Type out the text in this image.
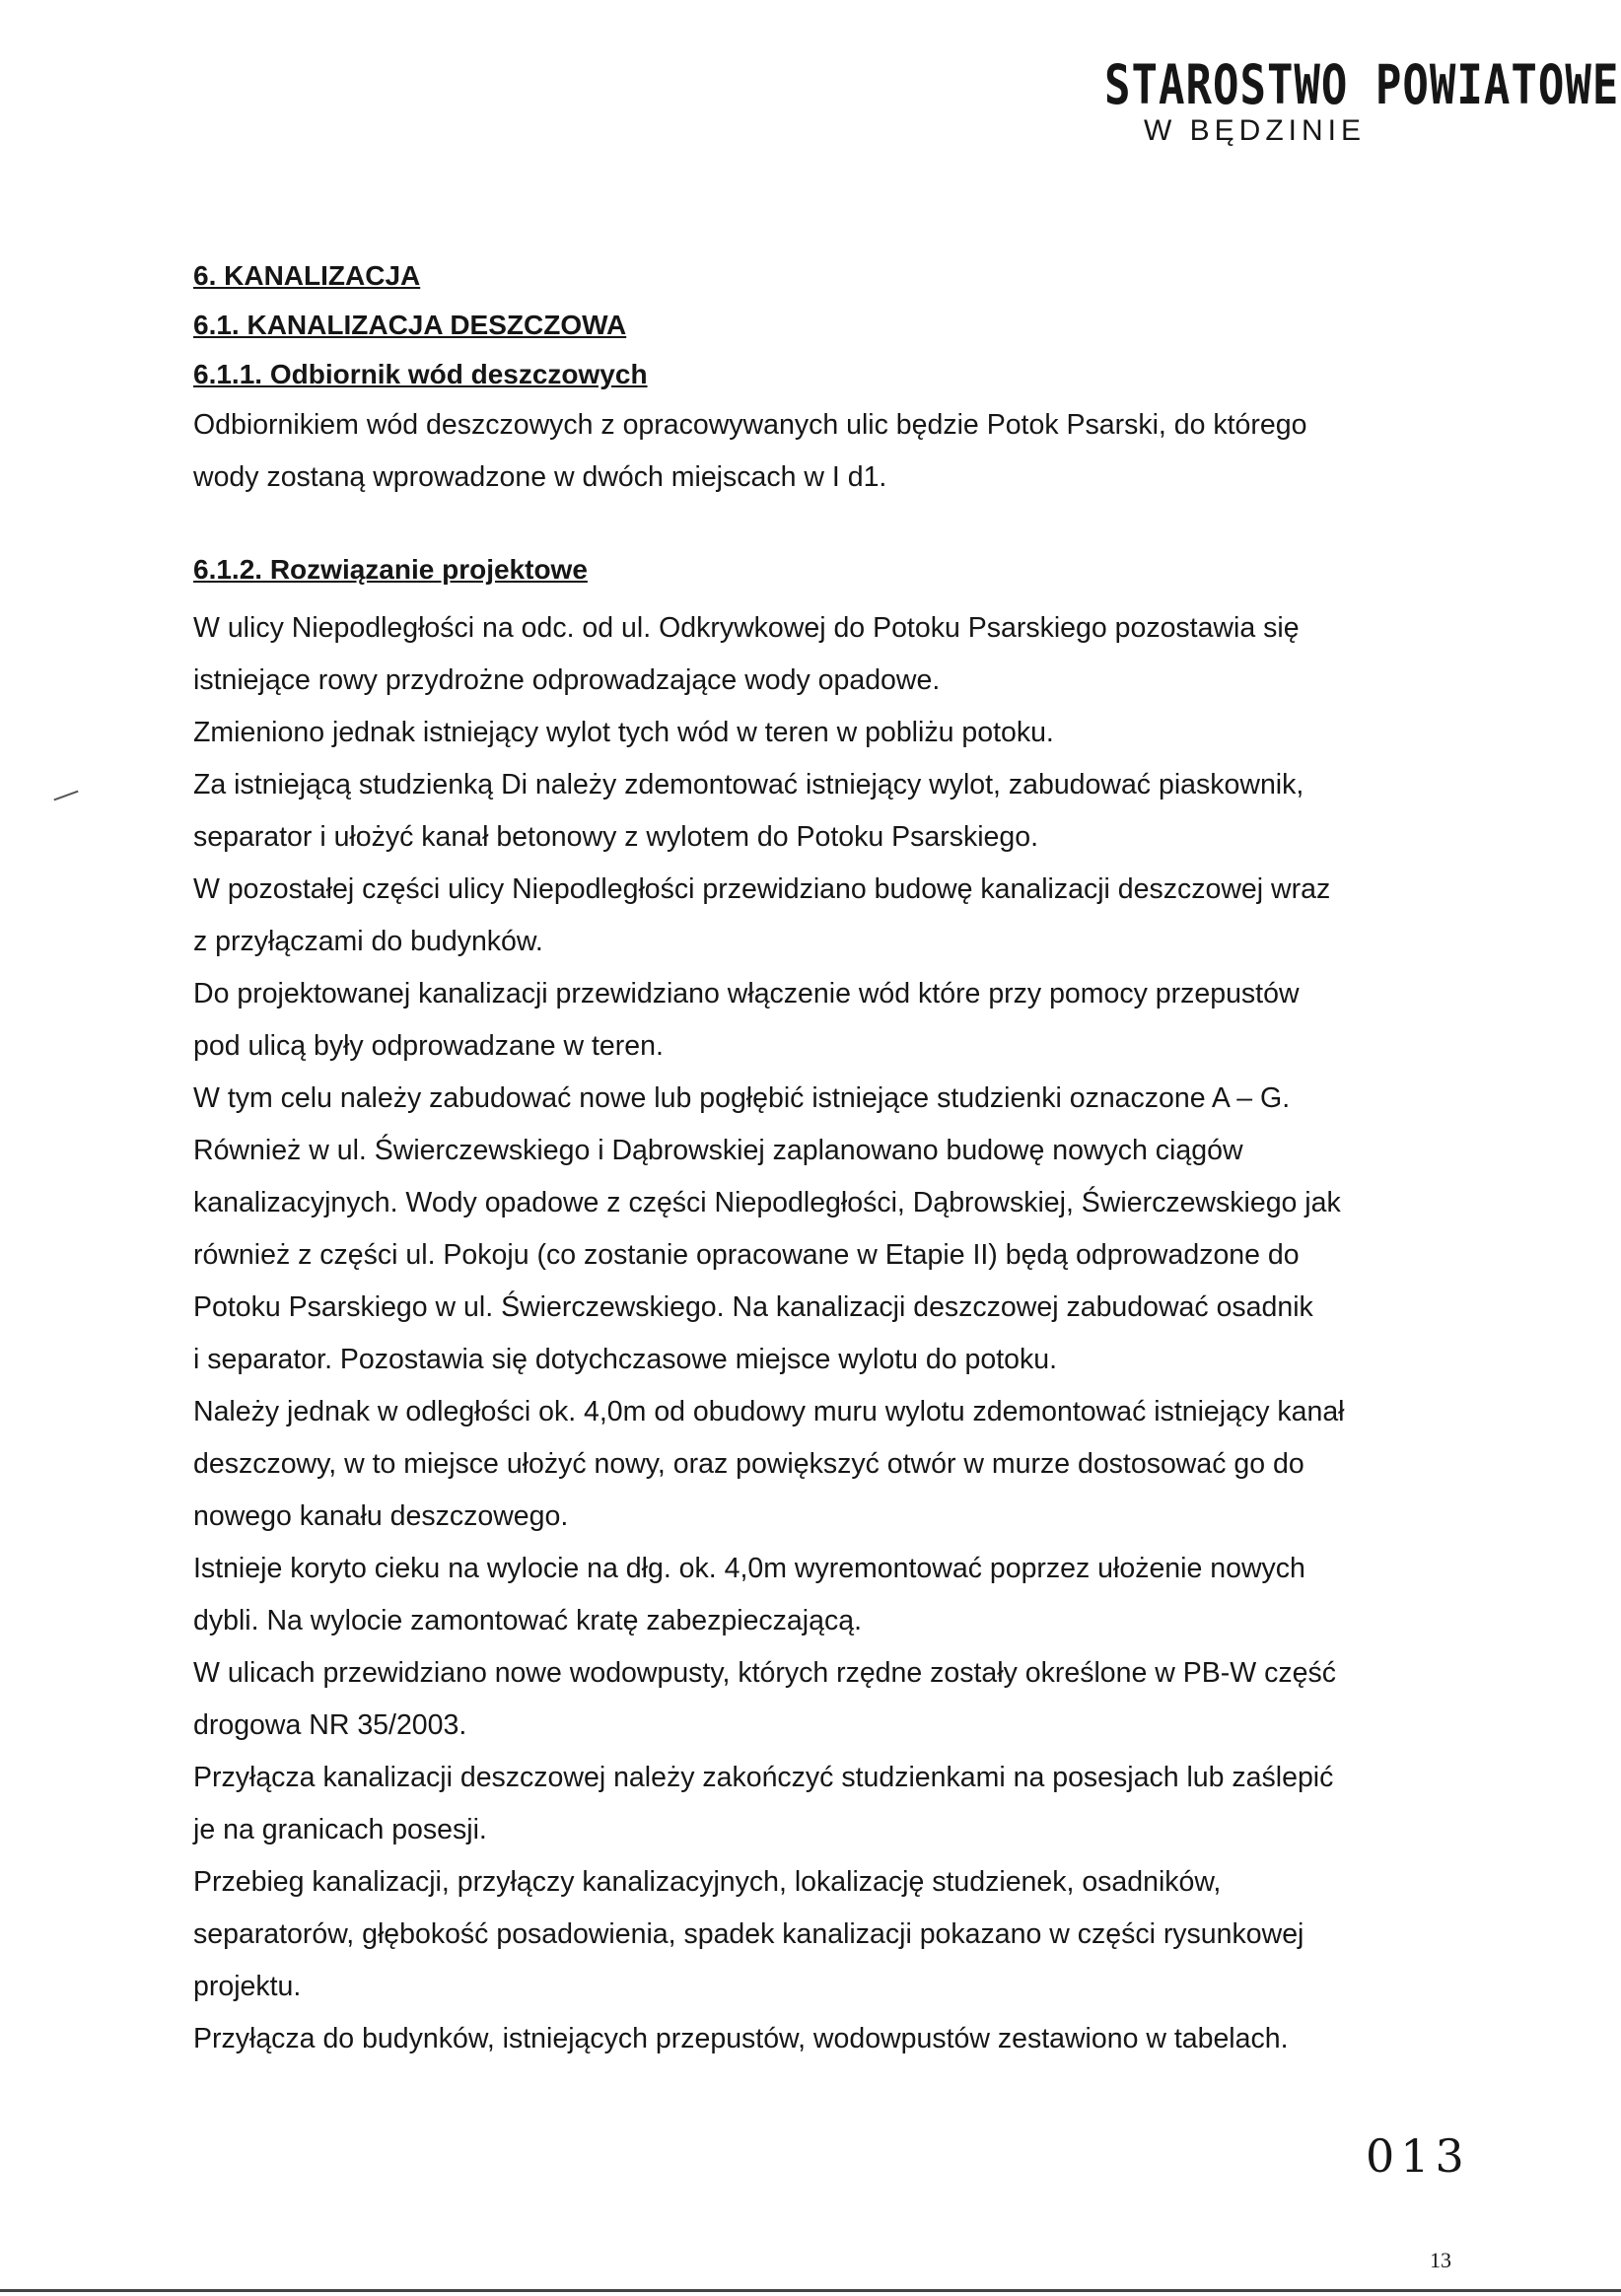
STAROSTWO POWIATOWE
W BĘDZINIE
6. KANALIZACJA
6.1. KANALIZACJA DESZCZOWA
6.1.1. Odbiornik wód deszczowych

Odbiornikiem wód deszczowych z opracowywanych ulic będzie Potok Psarski, do którego

wody zostaną wprowadzone w dwóch miejscach w I d1.

6.1.2. Rozwiązanie projektowe

W ulicy Niepodległości na odc. od ul. Odkrywkowej do Potoku Psarskiego pozostawia się

istniejące rowy przydrożne odprowadzające wody opadowe.

Zmieniono jednak istniejący wylot tych wód w teren w pobliżu potoku.

Za istniejącą studzienką Di należy zdemontować istniejący wylot, zabudować piaskownik,

separator i ułożyć kanał betonowy z wylotem do Potoku Psarskiego.

W pozostałej części ulicy Niepodległości przewidziano budowę kanalizacji deszczowej wraz

z przyłączami do budynków.

Do projektowanej kanalizacji przewidziano włączenie wód które przy pomocy przepustów

pod ulicą były odprowadzane w teren.

W tym celu należy zabudować nowe lub pogłębić istniejące studzienki oznaczone A – G.

Również w ul. Świerczewskiego i Dąbrowskiej zaplanowano budowę nowych ciągów

kanalizacyjnych. Wody opadowe z części Niepodległości, Dąbrowskiej, Świerczewskiego jak

również z części ul. Pokoju (co zostanie opracowane w Etapie II) będą odprowadzone do

Potoku Psarskiego w ul. Świerczewskiego. Na kanalizacji deszczowej zabudować osadnik

i separator. Pozostawia się dotychczasowe miejsce wylotu do potoku.

Należy jednak w odległości ok. 4,0m od obudowy muru wylotu zdemontować istniejący kanał

deszczowy, w to miejsce ułożyć nowy, oraz powiększyć otwór w murze dostosować go do

nowego kanału deszczowego.

Istnieje koryto cieku na wylocie na dłg. ok. 4,0m wyremontować poprzez ułożenie nowych

dybli. Na wylocie zamontować kratę zabezpieczającą.

W ulicach przewidziano nowe wodowpusty, których rzędne zostały określone w PB-W część

drogowa NR 35/2003.

Przyłącza kanalizacji deszczowej należy zakończyć studzienkami na posesjach lub zaślepić

je na granicach posesji.

Przebieg kanalizacji, przyłączy kanalizacyjnych, lokalizację studzienek, osadników,

separatorów, głębokość posadowienia, spadek kanalizacji pokazano w części rysunkowej

projektu.

Przyłącza do budynków, istniejących przepustów, wodowpustów zestawiono w tabelach.

013
13
